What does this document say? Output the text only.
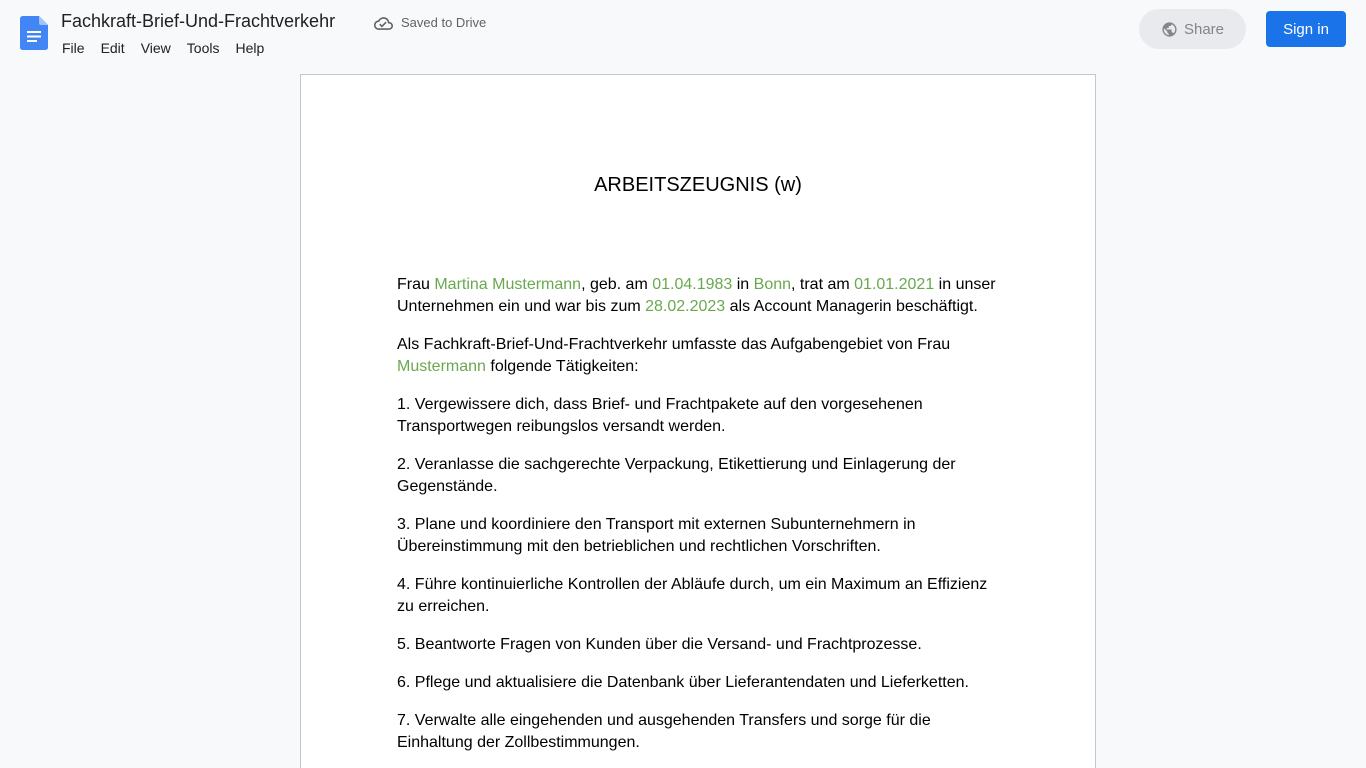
Fachkraft-Brief-Und-Frachtverkehr	Saved to Drive
File	Edit	View	Tools	Help
Share	Sign in
ARBEITSZEUGNIS (w)

Frau Martina Mustermann, geb. am 01.04.1983 in Bonn, trat am 01.01.2021 in unser Unternehmen ein und war bis zum 28.02.2023 als Account Managerin beschäftigt.

Als Fachkraft-Brief-Und-Frachtverkehr umfasste das Aufgabengebiet von Frau Mustermann folgende Tätigkeiten:

1. Vergewissere dich, dass Brief- und Frachtpakete auf den vorgesehenen Transportwegen reibungslos versandt werden.

2. Veranlasse die sachgerechte Verpackung, Etikettierung und Einlagerung der Gegenstände.

3. Plane und koordiniere den Transport mit externen Subunternehmern in Übereinstimmung mit den betrieblichen und rechtlichen Vorschriften.

4. Führe kontinuierliche Kontrollen der Abläufe durch, um ein Maximum an Effizienz zu erreichen.

5. Beantworte Fragen von Kunden über die Versand- und Frachtprozesse.

6. Pflege und aktualisiere die Datenbank über Lieferantendaten und Lieferketten.

7. Verwalte alle eingehenden und ausgehenden Transfers und sorge für die Einhaltung der Zollbestimmungen.
